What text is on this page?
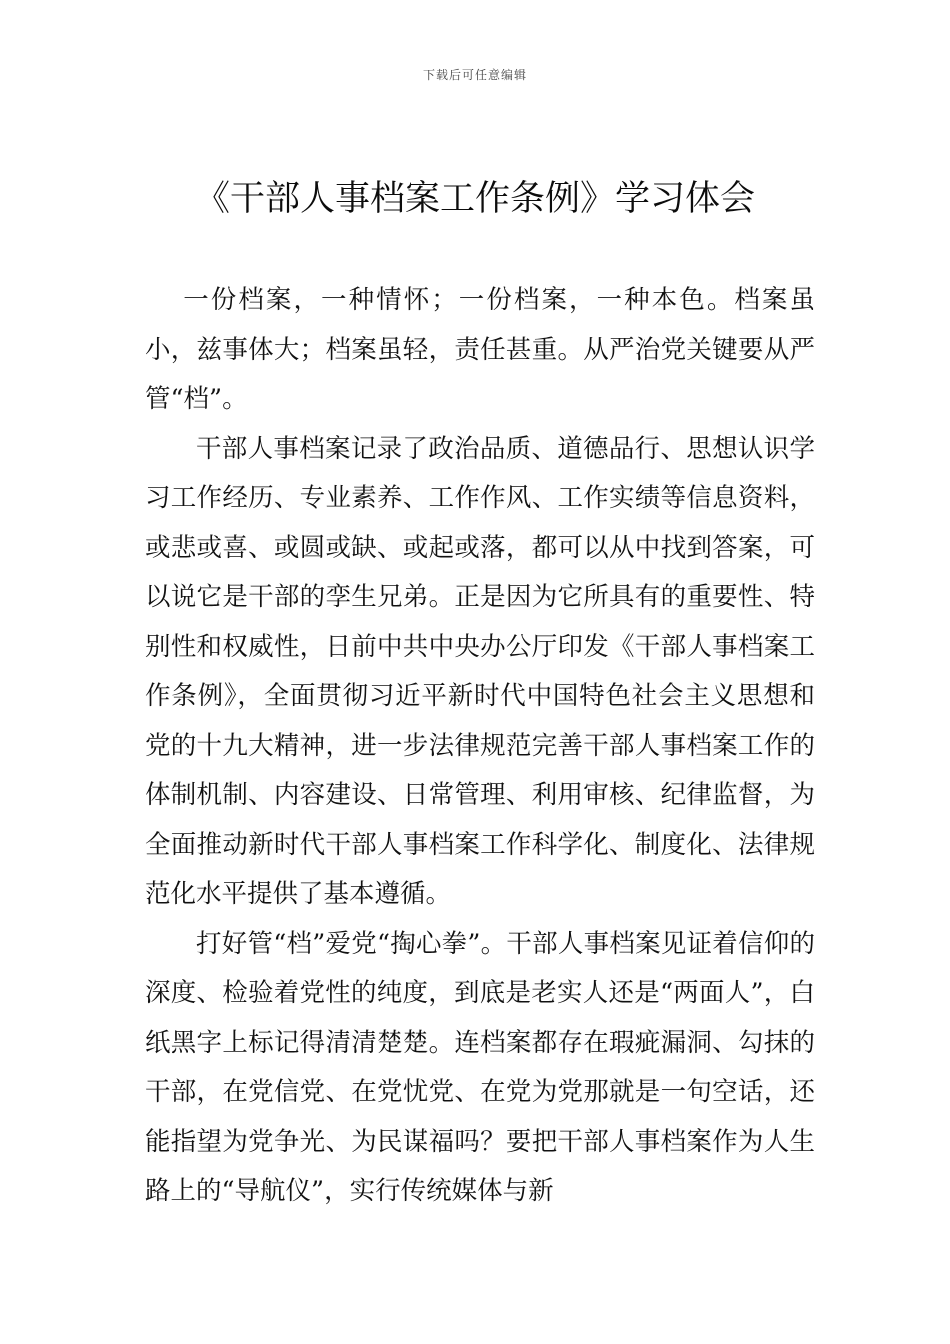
下载后可任意编辑
《干部人事档案工作条例》学习体会

一份档案，一种情怀；一份档案，一种本色。档案虽小，兹事体大；档案虽轻，责任甚重。从严治党关键要从严管“档”。

干部人事档案记录了政治品质、道德品行、思想认识学习工作经历、专业素养、工作作风、工作实绩等信息资料，或悲或喜、或圆或缺、或起或落，都可以从中找到答案，可以说它是干部的孪生兄弟。正是因为它所具有的重要性、特别性和权威性，日前中共中央办公厅印发《干部人事档案工作条例》，全面贯彻习近平新时代中国特色社会主义思想和党的十九大精神，进一步法律规范完善干部人事档案工作的体制机制、内容建设、日常管理、利用审核、纪律监督，为全面推动新时代干部人事档案工作科学化、制度化、法律规范化水平提供了基本遵循。

打好管“档”爱党“掏心拳”。干部人事档案见证着信仰的深度、检验着党性的纯度，到底是老实人还是“两面人”，白纸黑字上标记得清清楚楚。连档案都存在瑕疵漏洞、勾抹的干部，在党信党、在党忧党、在党为党那就是一句空话，还能指望为党争光、为民谋福吗？要把干部人事档案作为人生路上的“导航仪”，实行传统媒体与新
